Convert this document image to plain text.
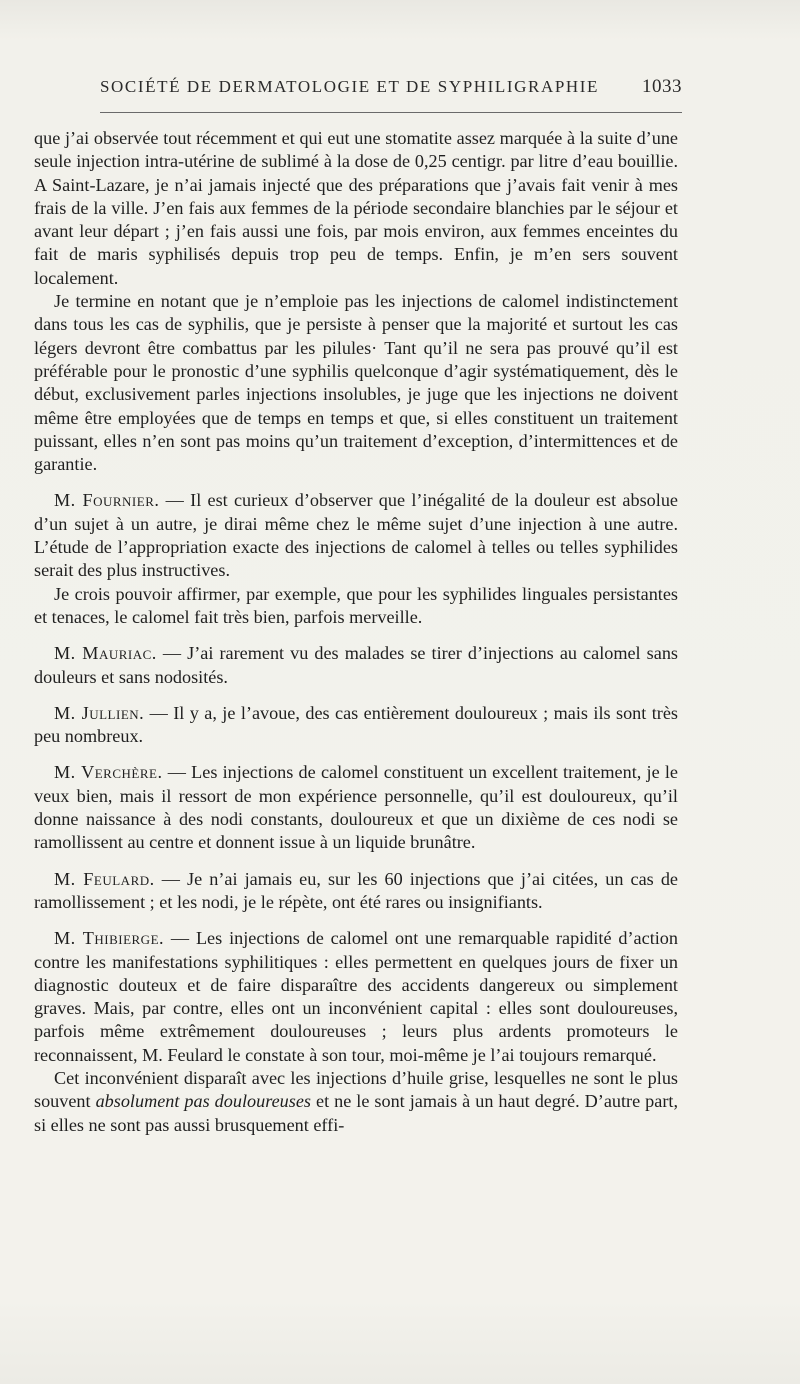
SOCIÉTÉ DE DERMATOLOGIE ET DE SYPHILIGRAPHIE 1033

que j’ai observée tout récemment et qui eut une stomatite assez marquée à la suite d’une seule injection intra-utérine de sublimé à la dose de 0,25 centigr. par litre d’eau bouillie. A Saint-Lazare, je n’ai jamais injecté que des préparations que j’avais fait venir à mes frais de la ville. J’en fais aux femmes de la période secondaire blanchies par le séjour et avant leur départ ; j’en fais aussi une fois, par mois environ, aux femmes enceintes du fait de maris syphilisés depuis trop peu de temps. Enfin, je m’en sers souvent localement.

Je termine en notant que je n’emploie pas les injections de calomel indistinctement dans tous les cas de syphilis, que je persiste à penser que la majorité et surtout les cas légers devront être combattus par les pilules· Tant qu’il ne sera pas prouvé qu’il est préférable pour le pronostic d’une syphilis quelconque d’agir systématiquement, dès le début, exclusivement parles injections insolubles, je juge que les injections ne doivent même être employées que de temps en temps et que, si elles constituent un traitement puissant, elles n’en sont pas moins qu’un traitement d’exception, d’intermittences et de garantie.

M. Fournier. — Il est curieux d’observer que l’inégalité de la douleur est absolue d’un sujet à un autre, je dirai même chez le même sujet d’une injection à une autre. L’étude de l’appropriation exacte des injections de calomel à telles ou telles syphilides serait des plus instructives.

Je crois pouvoir affirmer, par exemple, que pour les syphilides linguales persistantes et tenaces, le calomel fait très bien, parfois merveille.

M. Mauriac. — J’ai rarement vu des malades se tirer d’injections au calomel sans douleurs et sans nodosités.

M. Jullien. — Il y a, je l’avoue, des cas entièrement douloureux ; mais ils sont très peu nombreux.

M. Verchère. — Les injections de calomel constituent un excellent traitement, je le veux bien, mais il ressort de mon expérience personnelle, qu’il est douloureux, qu’il donne naissance à des nodi constants, douloureux et que un dixième de ces nodi se ramollissent au centre et donnent issue à un liquide brunâtre.

M. Feulard. — Je n’ai jamais eu, sur les 60 injections que j’ai citées, un cas de ramollissement ; et les nodi, je le répète, ont été rares ou insignifiants.

M. Thibierge. — Les injections de calomel ont une remarquable rapidité d’action contre les manifestations syphilitiques : elles permettent en quelques jours de fixer un diagnostic douteux et de faire disparaître des accidents dangereux ou simplement graves. Mais, par contre, elles ont un inconvénient capital : elles sont douloureuses, parfois même extrêmement douloureuses ; leurs plus ardents promoteurs le reconnaissent, M. Feulard le constate à son tour, moi-même je l’ai toujours remarqué.

Cet inconvénient disparaît avec les injections d’huile grise, lesquelles ne sont le plus souvent absolument pas douloureuses et ne le sont jamais à un haut degré. D’autre part, si elles ne sont pas aussi brusquement effi-
